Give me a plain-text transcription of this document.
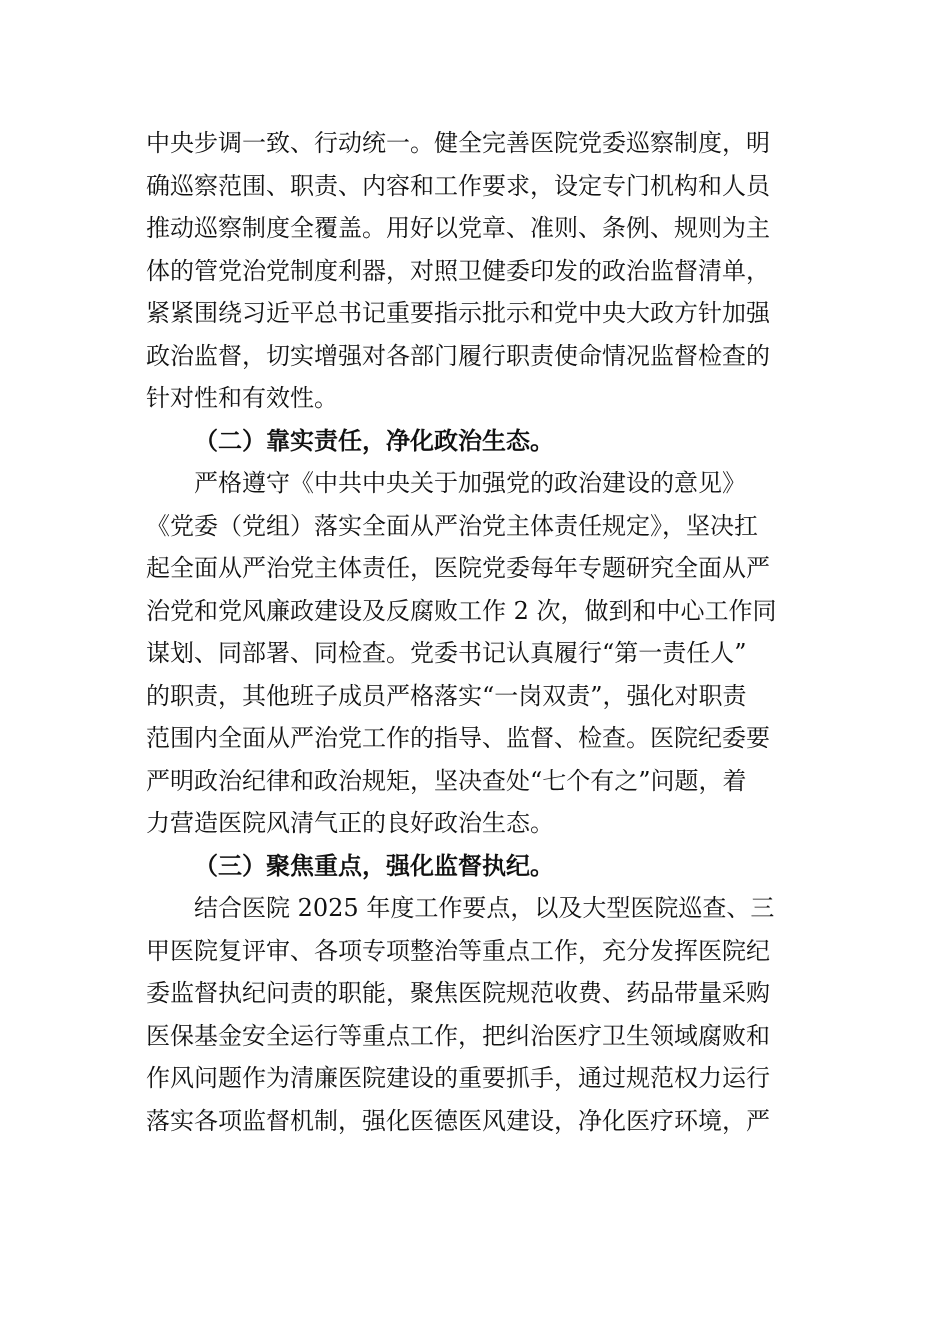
中央步调一致、行动统一。健全完善医院党委巡察制度，明
确巡察范围、职责、内容和工作要求，设定专门机构和人员
推动巡察制度全覆盖。用好以党章、准则、条例、规则为主
体的管党治党制度利器，对照卫健委印发的政治监督清单，
紧紧围绕习近平总书记重要指示批示和党中央大政方针加强
政治监督，切实增强对各部门履行职责使命情况监督检查的
针对性和有效性。
（二）靠实责任，净化政治生态。
　　严格遵守《中共中央关于加强党的政治建设的意见》
《党委（党组）落实全面从严治党主体责任规定》，坚决扛
起全面从严治党主体责任，医院党委每年专题研究全面从严
治党和党风廉政建设及反腐败工作 2 次，做到和中心工作同
谋划、同部署、同检查。党委书记认真履行“第一责任人”
的职责，其他班子成员严格落实“一岗双责”，强化对职责
范围内全面从严治党工作的指导、监督、检查。医院纪委要
严明政治纪律和政治规矩，坚决查处“七个有之”问题，着
力营造医院风清气正的良好政治生态。
（三）聚焦重点，强化监督执纪。
　　结合医院 2025 年度工作要点，以及大型医院巡查、三
甲医院复评审、各项专项整治等重点工作，充分发挥医院纪
委监督执纪问责的职能，聚焦医院规范收费、药品带量采购
医保基金安全运行等重点工作，把纠治医疗卫生领域腐败和
作风问题作为清廉医院建设的重要抓手，通过规范权力运行
落实各项监督机制，强化医德医风建设，净化医疗环境，严
